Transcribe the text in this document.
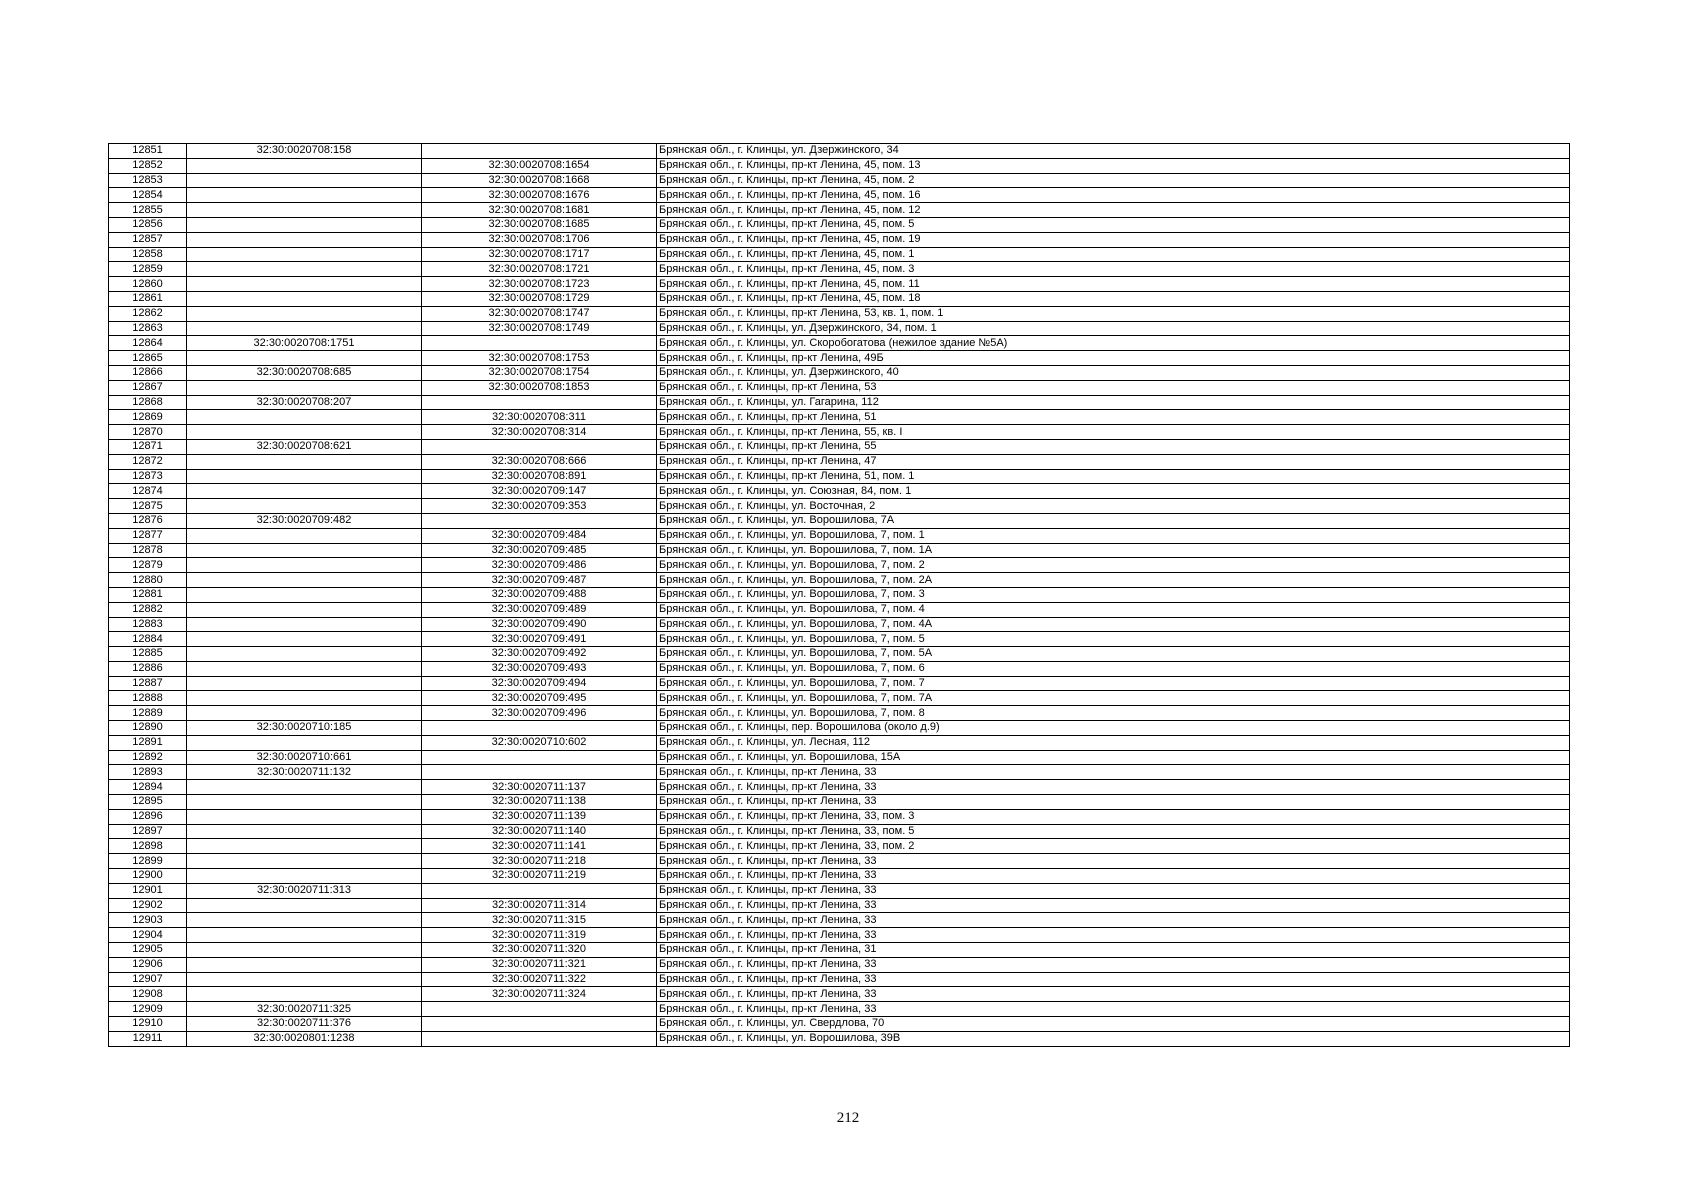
12851	32:30:0020708:158		Брянская обл., г. Клинцы, ул. Дзержинского, 34
12852		32:30:0020708:1654	Брянская обл., г. Клинцы, пр-кт Ленина, 45, пом. 13
12853		32:30:0020708:1668	Брянская обл., г. Клинцы, пр-кт Ленина, 45, пом. 2
12854		32:30:0020708:1676	Брянская обл., г. Клинцы, пр-кт Ленина, 45, пом. 16
12855		32:30:0020708:1681	Брянская обл., г. Клинцы, пр-кт Ленина, 45, пом. 12
12856		32:30:0020708:1685	Брянская обл., г. Клинцы, пр-кт Ленина, 45, пом. 5
12857		32:30:0020708:1706	Брянская обл., г. Клинцы, пр-кт Ленина, 45, пом. 19
12858		32:30:0020708:1717	Брянская обл., г. Клинцы, пр-кт Ленина, 45, пом. 1
12859		32:30:0020708:1721	Брянская обл., г. Клинцы, пр-кт Ленина, 45, пом. 3
12860		32:30:0020708:1723	Брянская обл., г. Клинцы, пр-кт Ленина, 45, пом. 11
12861		32:30:0020708:1729	Брянская обл., г. Клинцы, пр-кт Ленина, 45, пом. 18
12862		32:30:0020708:1747	Брянская обл., г. Клинцы, пр-кт Ленина, 53, кв. 1, пом. 1
12863		32:30:0020708:1749	Брянская обл., г. Клинцы, ул. Дзержинского, 34, пом. 1
12864	32:30:0020708:1751		Брянская обл., г. Клинцы, ул. Скоробогатова (нежилое здание №5А)
12865		32:30:0020708:1753	Брянская обл., г. Клинцы, пр-кт Ленина, 49Б
12866	32:30:0020708:685	32:30:0020708:1754	Брянская обл., г. Клинцы, ул. Дзержинского, 40
12867		32:30:0020708:1853	Брянская обл., г. Клинцы, пр-кт Ленина, 53
12868	32:30:0020708:207		Брянская обл., г. Клинцы, ул. Гагарина, 112
12869		32:30:0020708:311	Брянская обл., г. Клинцы, пр-кт Ленина, 51
12870		32:30:0020708:314	Брянская обл., г. Клинцы, пр-кт Ленина, 55, кв. I
12871	32:30:0020708:621		Брянская обл., г. Клинцы, пр-кт Ленина, 55
12872		32:30:0020708:666	Брянская обл., г. Клинцы, пр-кт Ленина, 47
12873		32:30:0020708:891	Брянская обл., г. Клинцы, пр-кт Ленина, 51, пом. 1
12874		32:30:0020709:147	Брянская обл., г. Клинцы, ул. Союзная, 84, пом. 1
12875		32:30:0020709:353	Брянская обл., г. Клинцы, ул. Восточная, 2
12876	32:30:0020709:482		Брянская обл., г. Клинцы, ул. Ворошилова, 7А
12877		32:30:0020709:484	Брянская обл., г. Клинцы, ул. Ворошилова, 7, пом. 1
12878		32:30:0020709:485	Брянская обл., г. Клинцы, ул. Ворошилова, 7, пом. 1А
12879		32:30:0020709:486	Брянская обл., г. Клинцы, ул. Ворошилова, 7, пом. 2
12880		32:30:0020709:487	Брянская обл., г. Клинцы, ул. Ворошилова, 7, пом. 2А
12881		32:30:0020709:488	Брянская обл., г. Клинцы, ул. Ворошилова, 7, пом. 3
12882		32:30:0020709:489	Брянская обл., г. Клинцы, ул. Ворошилова, 7, пом. 4
12883		32:30:0020709:490	Брянская обл., г. Клинцы, ул. Ворошилова, 7, пом. 4А
12884		32:30:0020709:491	Брянская обл., г. Клинцы, ул. Ворошилова, 7, пом. 5
12885		32:30:0020709:492	Брянская обл., г. Клинцы, ул. Ворошилова, 7, пом. 5А
12886		32:30:0020709:493	Брянская обл., г. Клинцы, ул. Ворошилова, 7, пом. 6
12887		32:30:0020709:494	Брянская обл., г. Клинцы, ул. Ворошилова, 7, пом. 7
12888		32:30:0020709:495	Брянская обл., г. Клинцы, ул. Ворошилова, 7, пом. 7А
12889		32:30:0020709:496	Брянская обл., г. Клинцы, ул. Ворошилова, 7, пом. 8
12890	32:30:0020710:185		Брянская обл., г. Клинцы, пер. Ворошилова (около д.9)
12891		32:30:0020710:602	Брянская обл., г. Клинцы, ул. Лесная, 112
12892	32:30:0020710:661		Брянская обл., г. Клинцы, ул. Ворошилова, 15А
12893	32:30:0020711:132		Брянская обл., г. Клинцы, пр-кт Ленина, 33
12894		32:30:0020711:137	Брянская обл., г. Клинцы, пр-кт Ленина, 33
12895		32:30:0020711:138	Брянская обл., г. Клинцы, пр-кт Ленина, 33
12896		32:30:0020711:139	Брянская обл., г. Клинцы, пр-кт Ленина, 33, пом. 3
12897		32:30:0020711:140	Брянская обл., г. Клинцы, пр-кт Ленина, 33, пом. 5
12898		32:30:0020711:141	Брянская обл., г. Клинцы, пр-кт Ленина, 33, пом. 2
12899		32:30:0020711:218	Брянская обл., г. Клинцы, пр-кт Ленина, 33
12900		32:30:0020711:219	Брянская обл., г. Клинцы, пр-кт Ленина, 33
12901	32:30:0020711:313		Брянская обл., г. Клинцы, пр-кт Ленина, 33
12902		32:30:0020711:314	Брянская обл., г. Клинцы, пр-кт Ленина, 33
12903		32:30:0020711:315	Брянская обл., г. Клинцы, пр-кт Ленина, 33
12904		32:30:0020711:319	Брянская обл., г. Клинцы, пр-кт Ленина, 33
12905		32:30:0020711:320	Брянская обл., г. Клинцы, пр-кт Ленина, 31
12906		32:30:0020711:321	Брянская обл., г. Клинцы, пр-кт Ленина, 33
12907		32:30:0020711:322	Брянская обл., г. Клинцы, пр-кт Ленина, 33
12908		32:30:0020711:324	Брянская обл., г. Клинцы, пр-кт Ленина, 33
12909	32:30:0020711:325		Брянская обл., г. Клинцы, пр-кт Ленина, 33
12910	32:30:0020711:376		Брянская обл., г. Клинцы, ул. Свердлова, 70
12911	32:30:0020801:1238		Брянская обл., г. Клинцы, ул. Ворошилова, 39В
212
